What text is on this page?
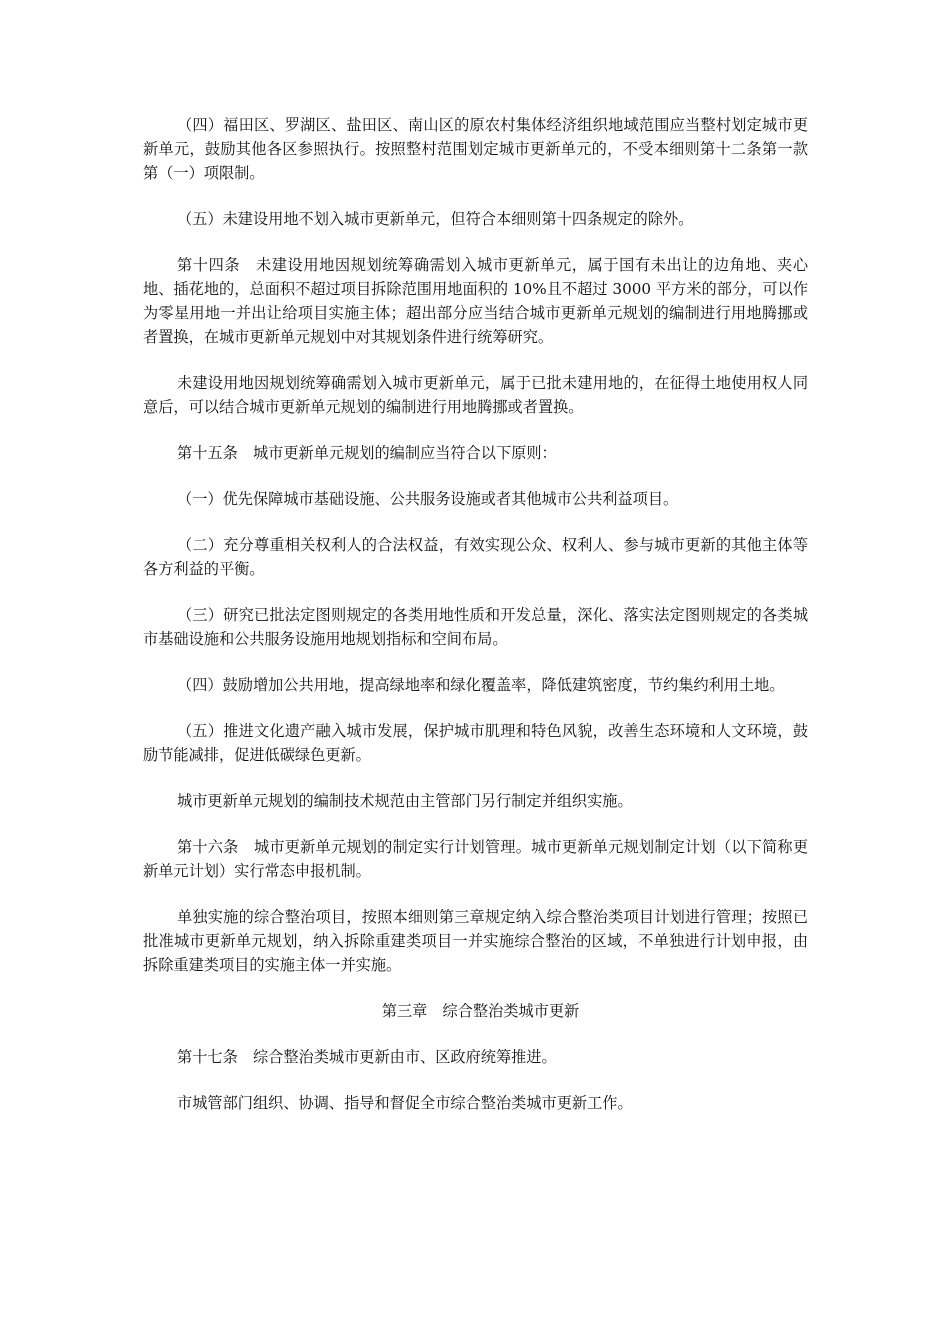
（四）福田区、罗湖区、盐田区、南山区的原农村集体经济组织地域范围应当整村划定城市更新单元，鼓励其他各区参照执行。按照整村范围划定城市更新单元的，不受本细则第十二条第一款第（一）项限制。

（五）未建设用地不划入城市更新单元，但符合本细则第十四条规定的除外。

第十四条　未建设用地因规划统筹确需划入城市更新单元，属于国有未出让的边角地、夹心地、插花地的，总面积不超过项目拆除范围用地面积的 10%且不超过 3000 平方米的部分，可以作为零星用地一并出让给项目实施主体；超出部分应当结合城市更新单元规划的编制进行用地腾挪或者置换，在城市更新单元规划中对其规划条件进行统筹研究。

未建设用地因规划统筹确需划入城市更新单元，属于已批未建用地的，在征得土地使用权人同意后，可以结合城市更新单元规划的编制进行用地腾挪或者置换。

第十五条　城市更新单元规划的编制应当符合以下原则：

（一）优先保障城市基础设施、公共服务设施或者其他城市公共利益项目。

（二）充分尊重相关权利人的合法权益，有效实现公众、权利人、参与城市更新的其他主体等各方利益的平衡。

（三）研究已批法定图则规定的各类用地性质和开发总量，深化、落实法定图则规定的各类城市基础设施和公共服务设施用地规划指标和空间布局。

（四）鼓励增加公共用地，提高绿地率和绿化覆盖率，降低建筑密度，节约集约利用土地。

（五）推进文化遗产融入城市发展，保护城市肌理和特色风貌，改善生态环境和人文环境，鼓励节能减排，促进低碳绿色更新。

城市更新单元规划的编制技术规范由主管部门另行制定并组织实施。

第十六条　城市更新单元规划的制定实行计划管理。城市更新单元规划制定计划（以下简称更新单元计划）实行常态申报机制。

单独实施的综合整治项目，按照本细则第三章规定纳入综合整治类项目计划进行管理；按照已批准城市更新单元规划，纳入拆除重建类项目一并实施综合整治的区域，不单独进行计划申报，由拆除重建类项目的实施主体一并实施。

第三章　综合整治类城市更新

第十七条　综合整治类城市更新由市、区政府统筹推进。

市城管部门组织、协调、指导和督促全市综合整治类城市更新工作。
